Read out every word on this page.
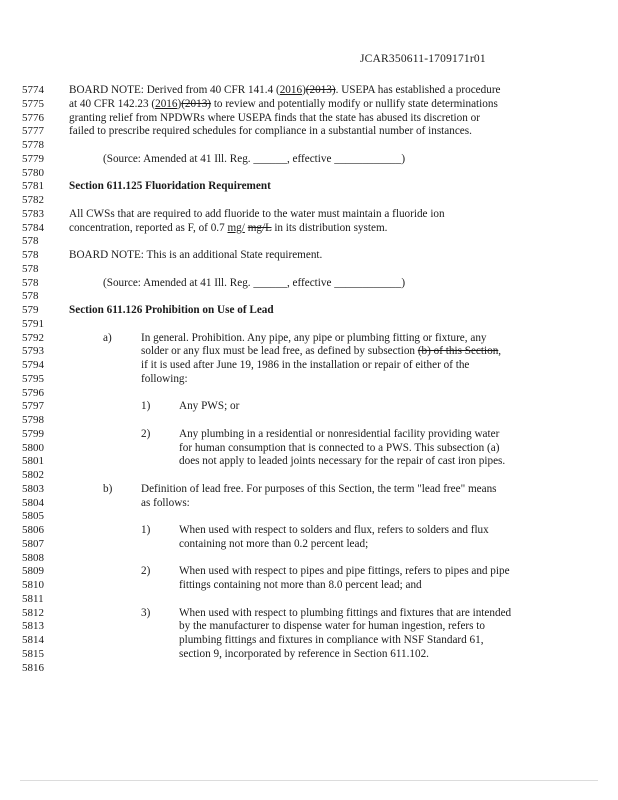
JCAR350611-1709171r01
5774	BOARD NOTE: Derived from 40 CFR 141.4 (2016)(2013). USEPA has established a procedure
5775	at 40 CFR 142.23 (2016)(2013) to review and potentially modify or nullify state determinations
5776	granting relief from NPDWRs where USEPA finds that the state has abused its discretion or
5777	failed to prescribe required schedules for compliance in a substantial number of instances.
5778
5779	(Source: Amended at 41 Ill. Reg. ______, effective ____________)
5780
5781	Section 611.125 Fluoridation Requirement
5782
5783	All CWSs that are required to add fluoride to the water must maintain a fluoride ion
5784	concentration, reported as F, of 0.7 mg/ mg/L in its distribution system.
578
578	BOARD NOTE: This is an additional State requirement.
578
578	(Source: Amended at 41 Ill. Reg. ______, effective ____________)
578
579	Section 611.126 Prohibition on Use of Lead
5791
5792	a)	In general. Prohibition. Any pipe, any pipe or plumbing fitting or fixture, any
5793	solder or any flux must be lead free, as defined by subsection (b) of this Section,
5794	if it is used after June 19, 1986 in the installation or repair of either of the
5795	following:
5796
5797	1)	Any PWS; or
5798
5799	2)	Any plumbing in a residential or nonresidential facility providing water
5800	for human consumption that is connected to a PWS. This subsection (a)
5801	does not apply to leaded joints necessary for the repair of cast iron pipes.
5802
5803	b)	Definition of lead free. For purposes of this Section, the term "lead free" means
5804	as follows:
5805
5806	1)	When used with respect to solders and flux, refers to solders and flux
5807	containing not more than 0.2 percent lead;
5808
5809	2)	When used with respect to pipes and pipe fittings, refers to pipes and pipe
5810	fittings containing not more than 8.0 percent lead; and
5811
5812	3)	When used with respect to plumbing fittings and fixtures that are intended
5813	by the manufacturer to dispense water for human ingestion, refers to
5814	plumbing fittings and fixtures in compliance with NSF Standard 61,
5815	section 9, incorporated by reference in Section 611.102.
5816
